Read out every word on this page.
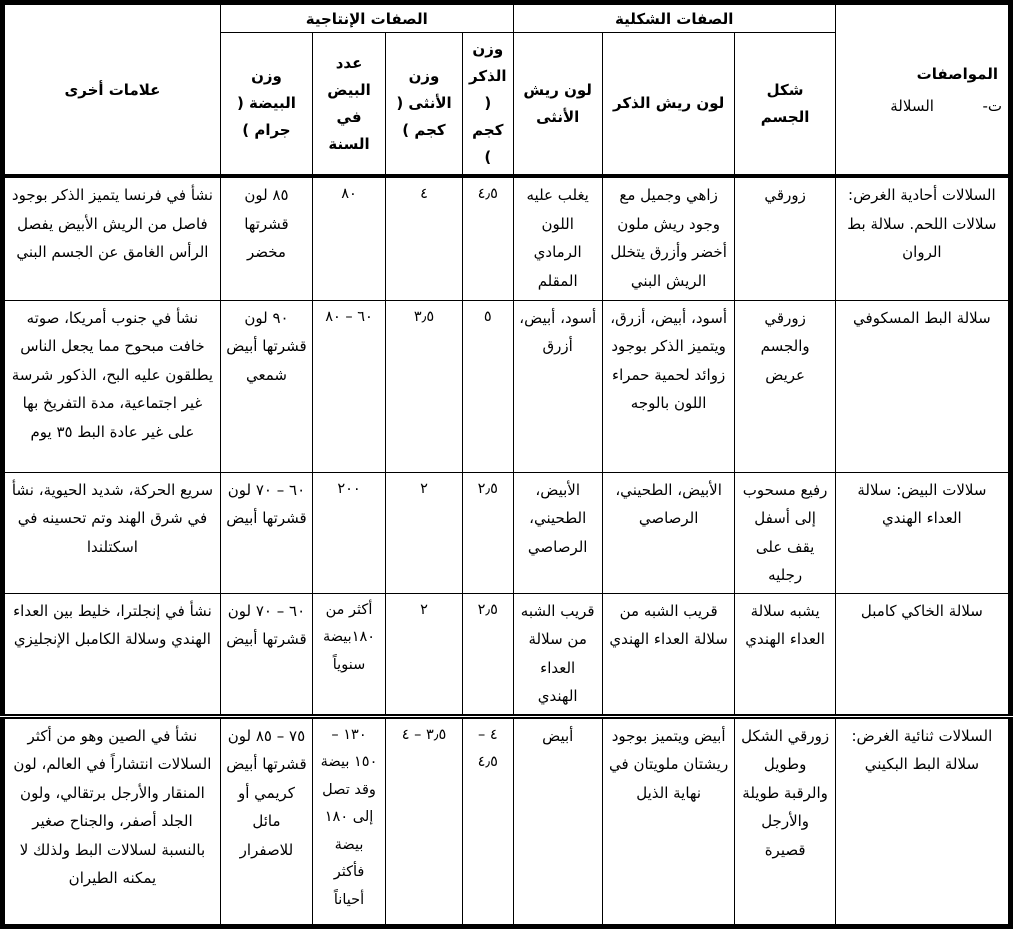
المواصفات
ت-
السلالة	الصفات الشكلية			الصفات الإنتاجية				علامات أخرى
	شكل الجسم	لون ريش الذكر	لون ريش الأنثى	وزن الذكر ( كجم )	وزن الأنثى ( كجم )	عدد البيض في السنة	وزن البيضة ( جرام )	
السلالات أحادية الغرض: سلالات اللحم. سلالة بط الروان	زورقي	زاهي وجميل مع وجود ريش ملون أخضر وأزرق يتخلل الريش البني	يغلب عليه اللون الرمادي المقلم	٤٫٥	٤	٨٠	٨٥ لون قشرتها مخضر	نشأ في فرنسا يتميز الذكر بوجود فاصل من الريش الأبيض يفصل الرأس الغامق عن الجسم البني
سلالة البط المسكوفي	زورقي والجسم عريض	أسود، أبيض، أزرق، ويتميز الذكر بوجود زوائد لحمية حمراء اللون بالوجه	أسود، أبيض، أزرق	٥	٣٫٥	٦٠ – ٨٠	٩٠ لون قشرتها أبيض شمعي	نشأ في جنوب أمريكا، صوته خافت مبحوح مما يجعل الناس يطلقون عليه البح، الذكور شرسة غير اجتماعية، مدة التفريخ بها على غير عادة البط ٣٥ يوم
سلالات البيض: سلالة العداء الهندي	رفيع مسحوب إلى أسفل يقف على رجليه	الأبيض، الطحيني، الرصاصي	الأبيض، الطحيني، الرصاصي	٢٫٥	٢	٢٠٠	٦٠ – ٧٠ لون قشرتها أبيض	سريع الحركة، شديد الحيوية، نشأ في شرق الهند وتم تحسينه في اسكتلندا
سلالة الخاكي كامبل	يشبه سلالة العداء الهندي	قريب الشبه من سلالة العداء الهندي	قريب الشبه من سلالة العداء الهندي	٢٫٥	٢	أكثر من ١٨٠بيضة سنوياً	٦٠ – ٧٠ لون قشرتها أبيض	نشأ في إنجلترا، خليط بين العداء الهندي وسلالة الكامبل الإنجليزي
السلالات ثنائية الغرض: سلالة البط البكيني	زورقي الشكل وطويل والرقبة طويلة والأرجل قصيرة	أبيض ويتميز بوجود ريشتان ملويتان في نهاية الذيل	أبيض	٤ – ٤٫٥	٣٫٥ – ٤	١٣٠ – ١٥٠ بيضة وقد تصل إلى ١٨٠ بيضة فأكثر أحياناً	٧٥ – ٨٥ لون قشرتها أبيض كريمي أو مائل للاصفرار	نشأ في الصين وهو من أكثر السلالات انتشاراً في العالم، لون المنقار والأرجل برتقالي، ولون الجلد أصفر، والجناح صغير بالنسبة لسلالات البط ولذلك لا يمكنه الطيران
